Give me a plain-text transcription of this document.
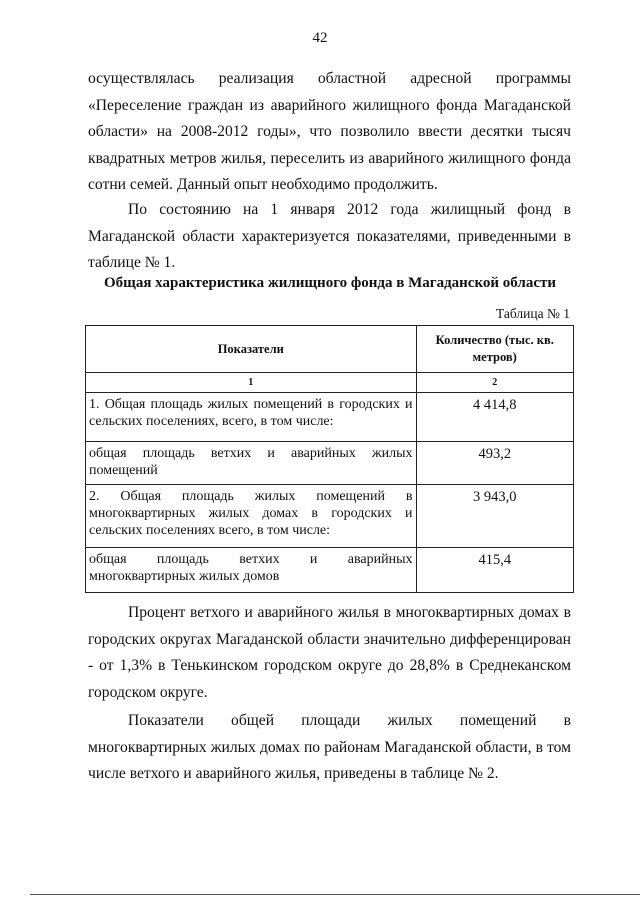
42

осуществлялась реализация областной адресной программы «Переселение граждан из аварийного жилищного фонда Магаданской области» на 2008-2012 годы», что позволило ввести десятки тысяч квадратных метров жилья, переселить из аварийного жилищного фонда сотни семей. Данный опыт необходимо продолжить.

По состоянию на 1 января 2012 года жилищный фонд в Магаданской области характеризуется показателями, приведенными в таблице № 1.

Общая характеристика жилищного фонда в Магаданской области
Таблица № 1
Показатели	Количество (тыс. кв. метров)
1	2
1. Общая площадь жилых помещений в городских и сельских поселениях, всего, в том числе:	4 414,8
общая площадь ветхих и аварийных жилых помещений	493,2
2. Общая площадь жилых помещений в многоквартирных жилых домах в городских и сельских поселениях всего, в том числе:	3 943,0
общая площадь ветхих и аварийных многоквартирных жилых домов	415,4

Процент ветхого и аварийного жилья в многоквартирных домах в городских округах Магаданской области значительно дифференцирован - от 1,3% в Тенькинском городском округе до 28,8% в Среднеканском городском округе.

Показатели общей площади жилых помещений в многоквартирных жилых домах по районам Магаданской области, в том числе ветхого и аварийного жилья, приведены в таблице № 2.
